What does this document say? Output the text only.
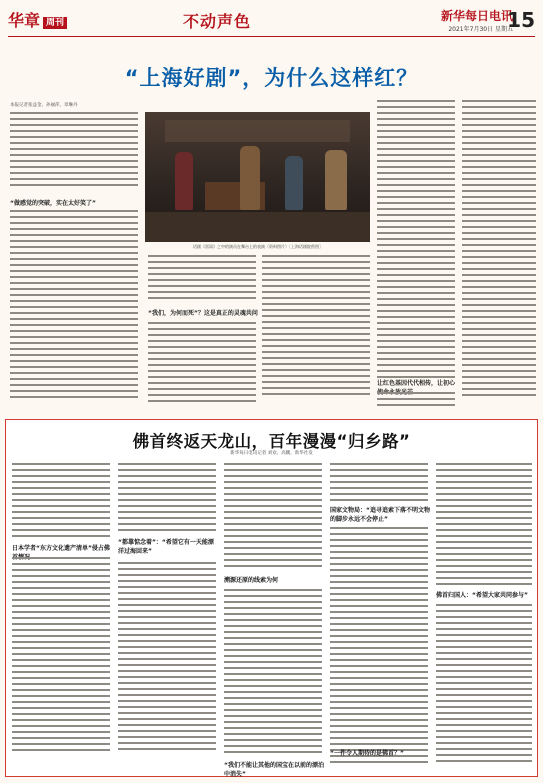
华章 周刊	不动声色	新华每日电讯
2021年7月30日 星期五
15
“上海好剧”，为什么这样红？
本报记者张益金、孙丽萍、章琳丹
“做感觉的突破，实在太好笑了”
话剧《雷雨》之中的演员在舞台上的表演（资料图片）［上海话剧院供图］
“我们，为何而死”？这是真正的灵魂共问
让红色基因代代相传，让初心
佛首终返天龙山，百年漫漫“归乡路”
新华每日电讯记者 刘欢、高鹏，新华社发
日本学者“东方文化遗产清单”侵占佛
“都靠惦念着”：“希望它有一天能漂洋过海回来”
溯源还原的线索为何
国家文物局：“追寻追索下落不明文物的脚步永远不会停止”
佛首归国人：“希望大家共同参与”
“一件令人期待的是佛首？”
“我们不能让其他的国宝在以前的漂泊中消失”
